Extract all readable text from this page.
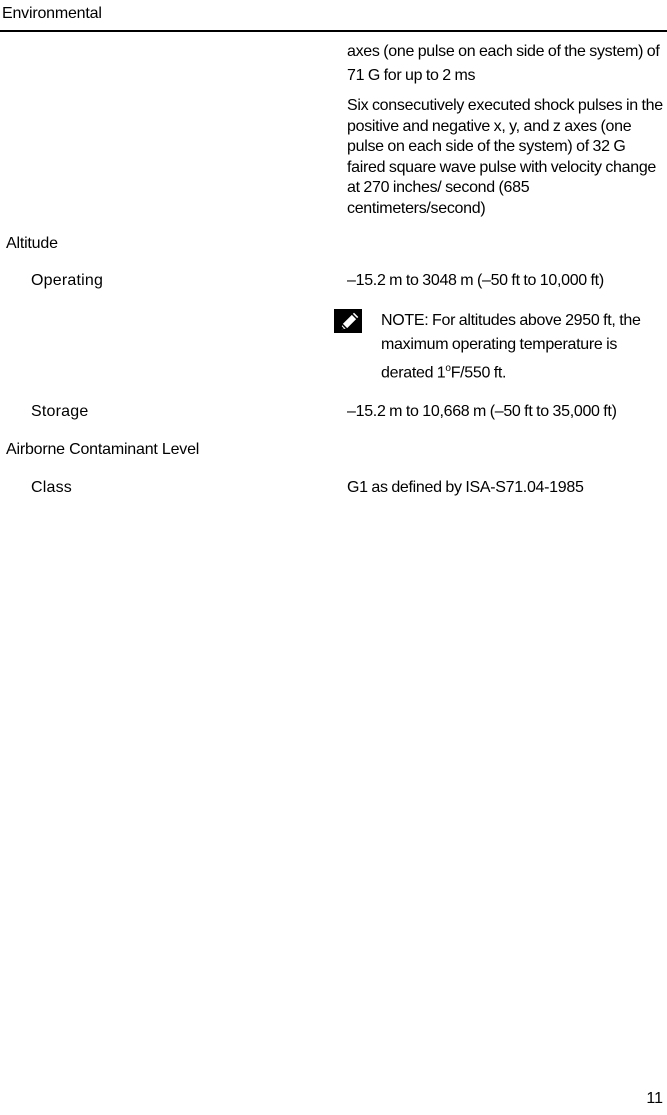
Environmental
axes (one pulse on each side of the system) of 71 G for up to 2 ms
Six consecutively executed shock pulses in the positive and negative x, y, and z axes (one pulse on each side of the system) of 32 G faired square wave pulse with velocity change at 270 inches/ second (685 centimeters/second)
Altitude
Operating	–15.2 m to 3048 m (–50 ft to 10,000 ft)
NOTE: For altitudes above 2950 ft, the maximum operating temperature is derated 1$^o$F/550 ft.
Storage	–15.2 m to 10,668 m (–50 ft to 35,000 ft)
Airborne Contaminant Level
Class	G1 as defined by ISA-S71.04-1985
11
